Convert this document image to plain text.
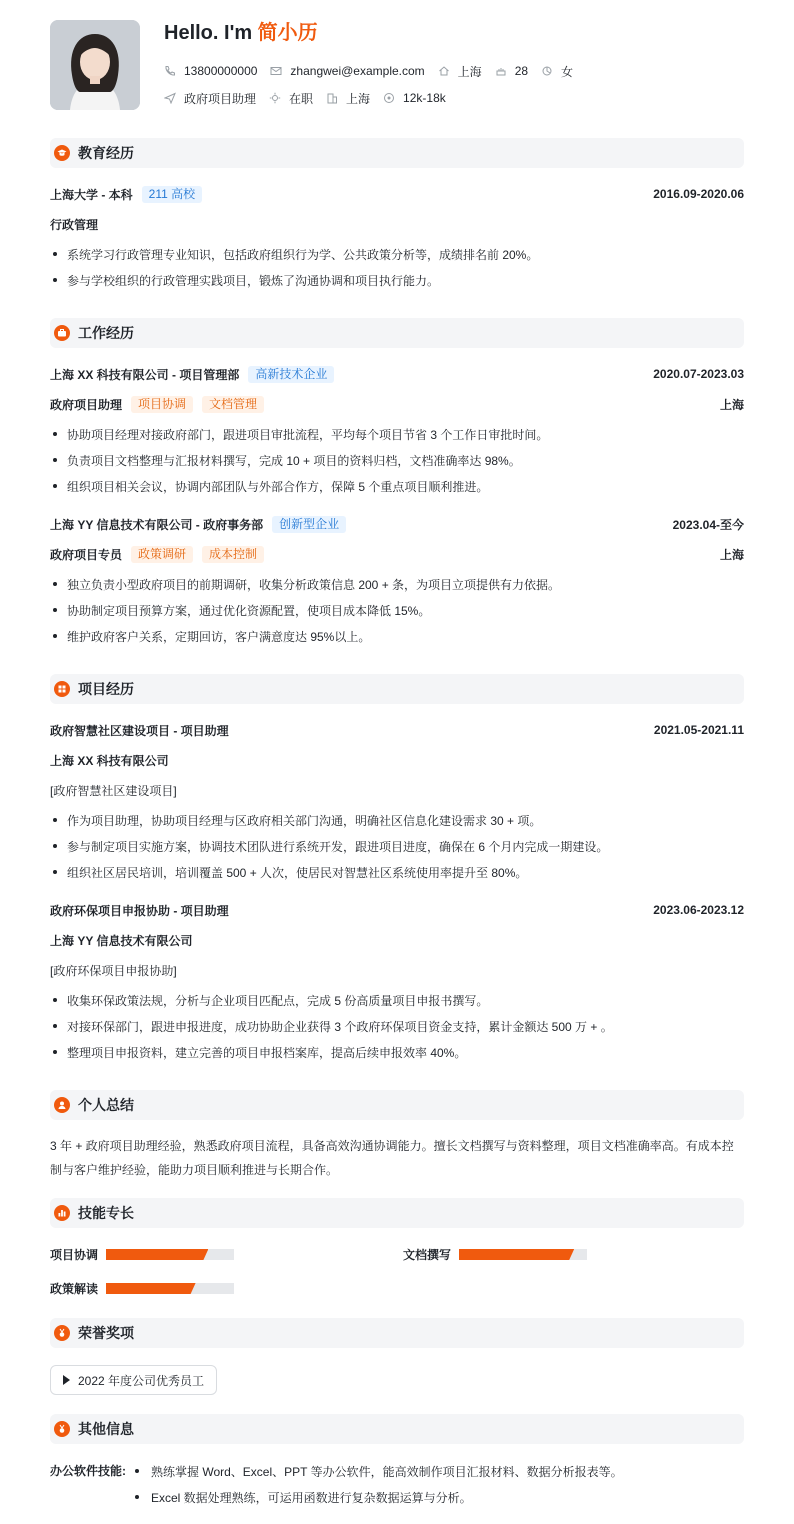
Hello. I'm 简小历
13800000000	zhangwei@example.com	上海	28	女
政府项目助理	在职	上海	12k-18k
教育经历
上海大学 - 本科	211 高校	2016.09-2020.06
行政管理
系统学习行政管理专业知识，包括政府组织行为学、公共政策分析等，成绩排名前 20%。
参与学校组织的行政管理实践项目，锻炼了沟通协调和项目执行能力。
工作经历
上海 XX 科技有限公司 - 项目管理部	高新技术企业	2020.07-2023.03
政府项目助理	项目协调	文档管理	上海
协助项目经理对接政府部门，跟进项目审批流程，平均每个项目节省 3 个工作日审批时间。
负责项目文档整理与汇报材料撰写，完成 10 + 项目的资料归档，文档准确率达 98%。
组织项目相关会议，协调内部团队与外部合作方，保障 5 个重点项目顺利推进。
上海 YY 信息技术有限公司 - 政府事务部	创新型企业	2023.04-至今
政府项目专员	政策调研	成本控制	上海
独立负责小型政府项目的前期调研，收集分析政策信息 200 + 条，为项目立项提供有力依据。
协助制定项目预算方案，通过优化资源配置，使项目成本降低 15%。
维护政府客户关系，定期回访，客户满意度达 95%以上。
项目经历
政府智慧社区建设项目 - 项目助理	2021.05-2021.11
上海 XX 科技有限公司
[政府智慧社区建设项目]
作为项目助理，协助项目经理与区政府相关部门沟通，明确社区信息化建设需求 30 + 项。
参与制定项目实施方案，协调技术团队进行系统开发，跟进项目进度，确保在 6 个月内完成一期建设。
组织社区居民培训，培训覆盖 500 + 人次，使居民对智慧社区系统使用率提升至 80%。
政府环保项目申报协助 - 项目助理	2023.06-2023.12
上海 YY 信息技术有限公司
[政府环保项目申报协助]
收集环保政策法规，分析与企业项目匹配点，完成 5 份高质量项目申报书撰写。
对接环保部门，跟进申报进度，成功协助企业获得 3 个政府环保项目资金支持，累计金额达 500 万 + 。
整理项目申报资料，建立完善的项目申报档案库，提高后续申报效率 40%。
个人总结
3 年 + 政府项目助理经验，熟悉政府项目流程，具备高效沟通协调能力。擅长文档撰写与资料整理，项目文档准确率高。有成本控
制与客户维护经验，能助力项目顺利推进与长期合作。
技能专长
项目协调	文档撰写
政策解读
荣誉奖项
2022 年度公司优秀员工
其他信息
办公软件技能:	熟练掌握 Word、Excel、PPT 等办公软件，能高效制作项目汇报材料、数据分析报表等。
Excel 数据处理熟练，可运用函数进行复杂数据运算与分析。
